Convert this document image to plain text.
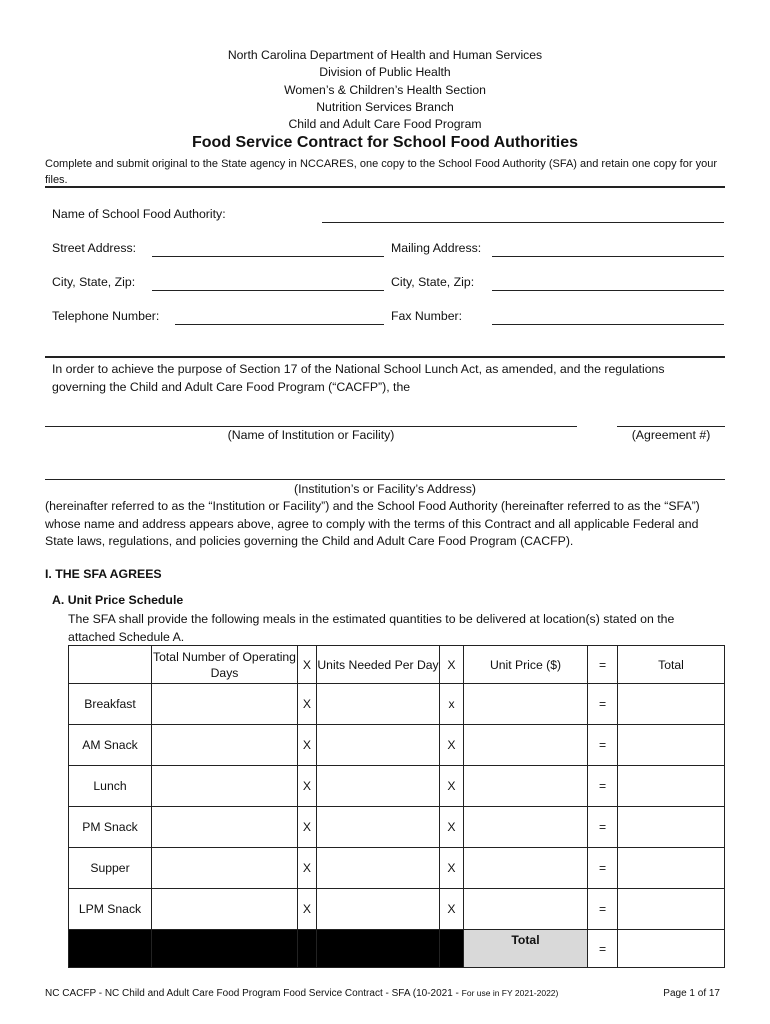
North Carolina Department of Health and Human Services
Division of Public Health
Women’s & Children’s Health Section
Nutrition Services Branch
Child and Adult Care Food Program
Food Service Contract for School Food Authorities
Complete and submit original to the State agency in NCCARES, one copy to the School Food Authority (SFA) and retain one copy for your files.
Name of School Food Authority:
Street Address:	Mailing Address:
City, State, Zip:	City, State, Zip:
Telephone Number:	Fax Number:
In order to achieve the purpose of Section 17 of the National School Lunch Act, as amended, and the regulations governing the Child and Adult Care Food Program (“CACFP”), the
(Name of Institution or Facility)	(Agreement #)
(Institution’s or Facility’s Address)
(hereinafter referred to as the “Institution or Facility”) and the School Food Authority (hereinafter referred to as the “SFA”) whose name and address appears above, agree to comply with the terms of this Contract and all applicable Federal and State laws, regulations, and policies governing the Child and Adult Care Food Program (CACFP).
I. THE SFA AGREES
A. Unit Price Schedule
The SFA shall provide the following meals in the estimated quantities to be delivered at location(s) stated on the attached Schedule A.
	Total Number of Operating Days	X	Units Needed Per Day	X	Unit Price ($)	=	Total
Breakfast		X		x		=	
AM Snack		X		X		=	
Lunch		X		X		=	
PM Snack		X		X		=	
Supper		X		X		=	
LPM Snack		X		X		=	
					Total	=	
NC CACFP - NC Child and Adult Care Food Program Food Service Contract - SFA (10-2021 - For use in FY 2021-2022)	Page 1 of 17
